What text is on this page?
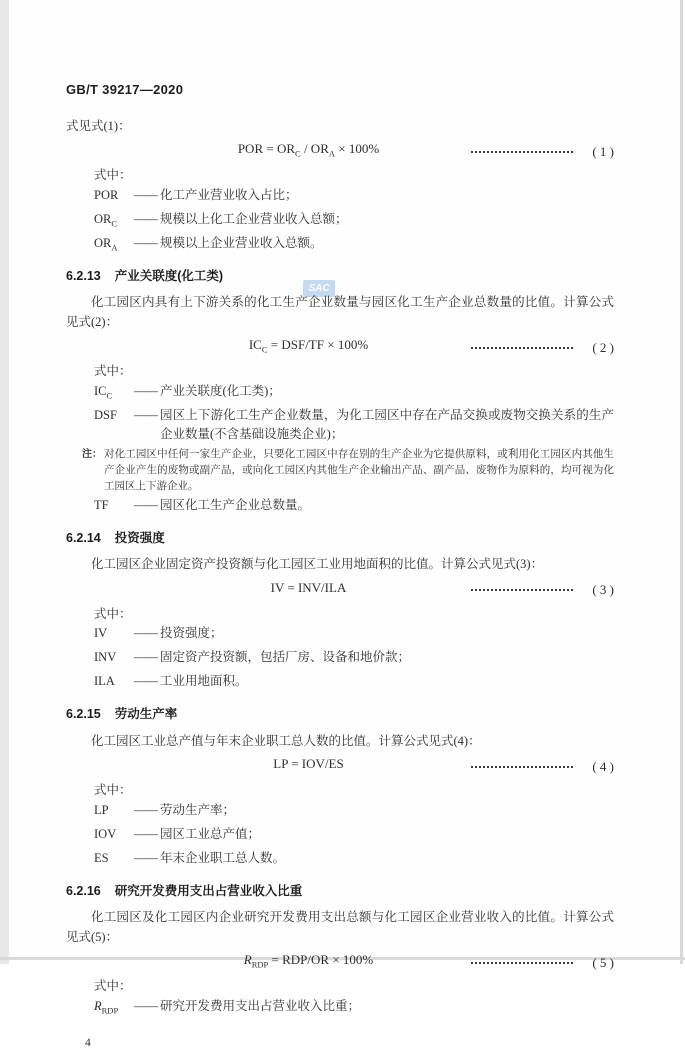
SAC
GB/T 39217—2020
式见式(1)：
POR = $OR_C / OR_A \times 100\%$	( 1 )
式中：
POR	—— 化工产业营业收入占比；
$OR_C$	—— 规模以上化工企业营业收入总额；
$OR_A$	—— 规模以上企业营业收入总额。
6.2.13 产业关联度(化工类)
化工园区内具有上下游关系的化工生产企业数量与园区化工生产企业总数量的比值。计算公式见式(2)：
$IC_C = DSF/TF \times 100\%$	( 2 )
式中：
$IC_C$	—— 产业关联度(化工类)；
DSF	—— 园区上下游化工生产企业数量，为化工园区中存在产品交换或废物交换关系的生产企业数量(不含基础设施类企业)；
注： 对化工园区中任何一家生产企业，只要化工园区中存在别的生产企业为它提供原料，或利用化工园区内其他生产企业产生的废物或副产品，或向化工园区内其他生产企业输出产品、副产品、废物作为原料的，均可视为化工园区上下游企业。
TF	—— 园区化工生产企业总数量。
6.2.14 投资强度
化工园区企业固定资产投资额与化工园区工业用地面积的比值。计算公式见式(3)：
IV = INV/ILA	( 3 )
式中：
IV	—— 投资强度；
INV	—— 固定资产投资额，包括厂房、设备和地价款；
ILA	—— 工业用地面积。
6.2.15 劳动生产率
化工园区工业总产值与年末企业职工总人数的比值。计算公式见式(4)：
LP = IOV/ES	( 4 )
式中：
LP	—— 劳动生产率；
IOV	—— 园区工业总产值；
ES	—— 年末企业职工总人数。
6.2.16 研究开发费用支出占营业收入比重
化工园区及化工园区内企业研究开发费用支出总额与化工园区企业营业收入的比值。计算公式见式(5)：
$R_{RDP} = RDP/OR \times 100\%$	( 5 )
式中：
$R_{RDP}$	—— 研究开发费用支出占营业收入比重；
4
